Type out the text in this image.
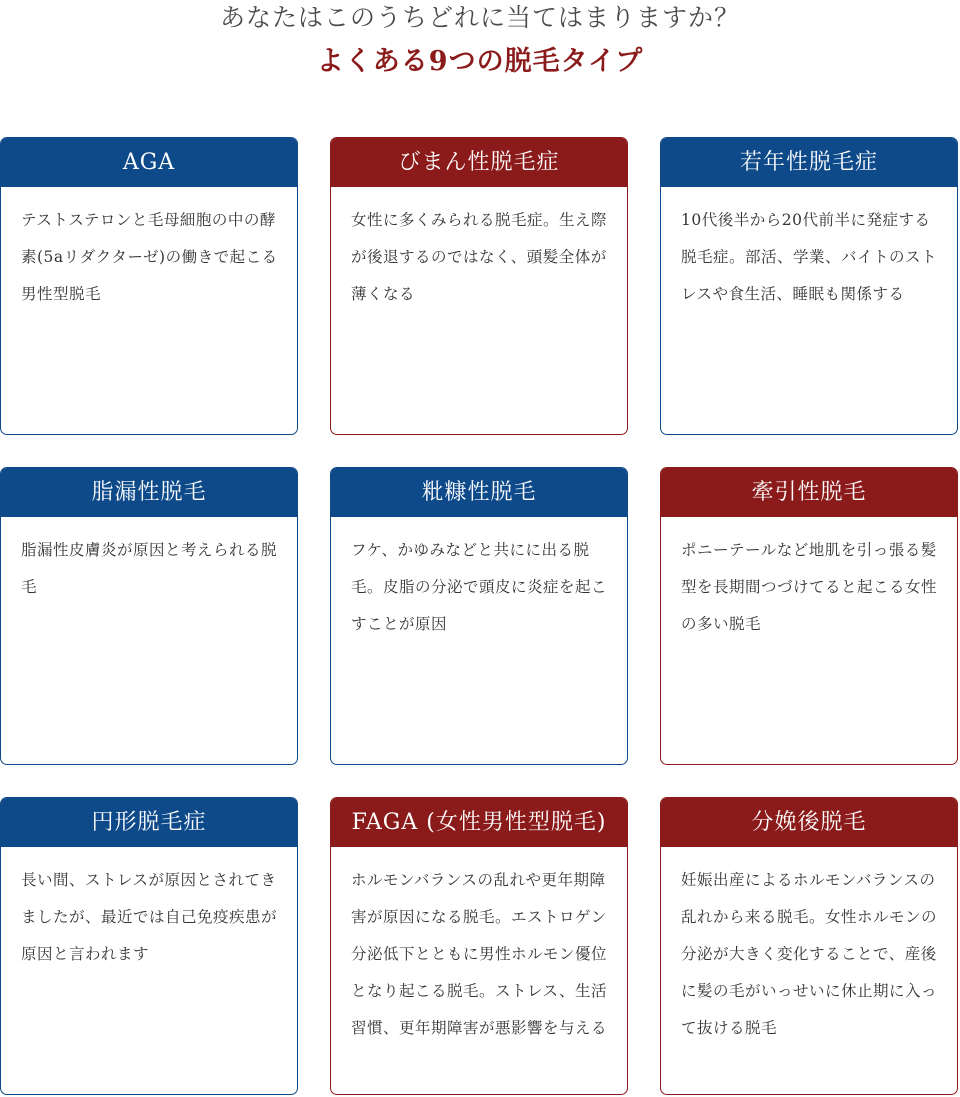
あなたはこのうちどれに当てはまりますか？
よくある9つの脱毛タイプ
AGA
テストステロンと毛母細胞の中の酵素(5aリダクターゼ)の働きで起こる男性型脱毛
びまん性脱毛症
女性に多くみられる脱毛症。生え際が後退するのではなく、頭髪全体が薄くなる
若年性脱毛症
10代後半から20代前半に発症する脱毛症。部活、学業、バイトのストレスや食生活、睡眠も関係する
脂漏性脱毛
脂漏性皮膚炎が原因と考えられる脱毛
粃糠性脱毛
フケ、かゆみなどと共にに出る脱毛。皮脂の分泌で頭皮に炎症を起こすことが原因
牽引性脱毛
ポニーテールなど地肌を引っ張る髪型を長期間つづけてると起こる女性の多い脱毛
円形脱毛症
長い間、ストレスが原因とされてきましたが、最近では自己免疫疾患が原因と言われます
FAGA (女性男性型脱毛)
ホルモンバランスの乱れや更年期障害が原因になる脱毛。エストロゲン分泌低下とともに男性ホルモン優位となり起こる脱毛。ストレス、生活習慣、更年期障害が悪影響を与える
分娩後脱毛
妊娠出産によるホルモンバランスの乱れから来る脱毛。女性ホルモンの分泌が大きく変化することで、産後に髪の毛がいっせいに休止期に入って抜ける脱毛
